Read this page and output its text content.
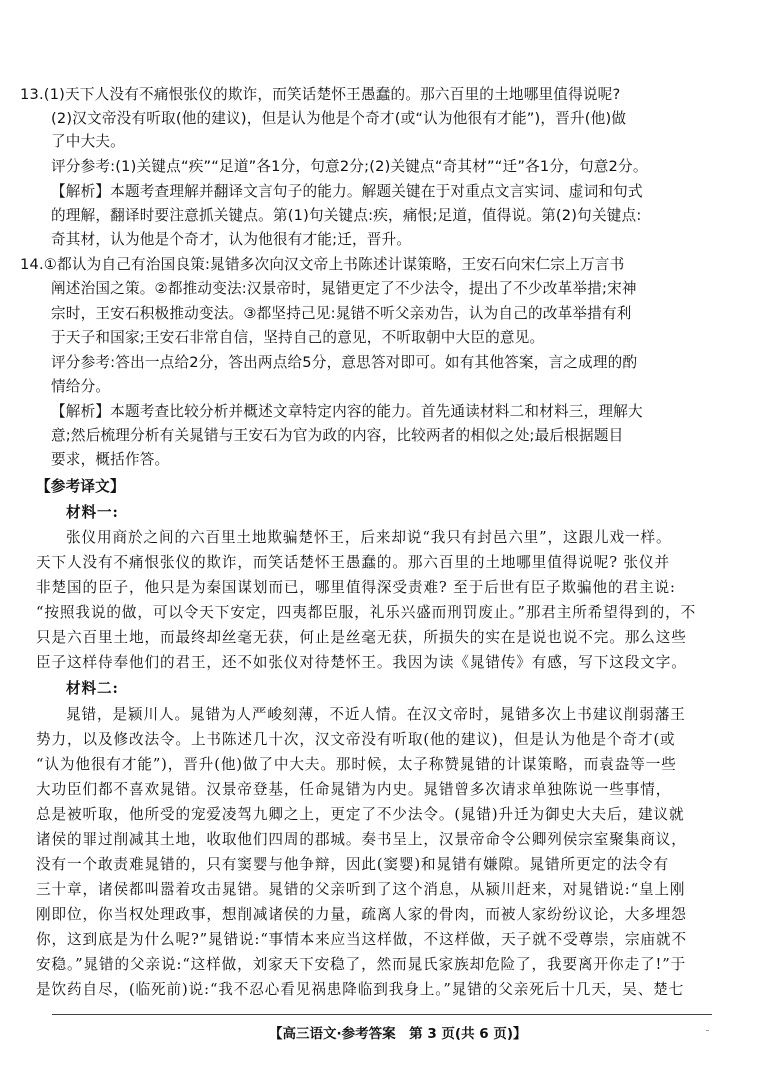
13.(1)天下人没有不痛恨张仪的欺诈，而笑话楚怀王愚蠢的。那六百里的土地哪里值得说呢?
(2)汉文帝没有听取(他的建议)，但是认为他是个奇才(或“认为他很有才能”)，晋升(他)做
了中大夫。
评分参考:(1)关键点“疾”“足道”各1分，句意2分;(2)关键点“奇其材”“迁”各1分，句意2分。
【解析】本题考查理解并翻译文言句子的能力。解题关键在于对重点文言实词、虚词和句式
的理解，翻译时要注意抓关键点。第(1)句关键点:疾，痛恨;足道，值得说。第(2)句关键点:
奇其材，认为他是个奇才，认为他很有才能;迁，晋升。
14.①都认为自己有治国良策:晁错多次向汉文帝上书陈述计谋策略，王安石向宋仁宗上万言书
阐述治国之策。②都推动变法:汉景帝时，晁错更定了不少法令，提出了不少改革举措;宋神
宗时，王安石积极推动变法。③都坚持己见:晁错不听父亲劝告，认为自己的改革举措有利
于天子和国家;王安石非常自信，坚持自己的意见，不听取朝中大臣的意见。
评分参考:答出一点给2分，答出两点给5分，意思答对即可。如有其他答案，言之成理的酌
情给分。
【解析】本题考查比较分析并概述文章特定内容的能力。首先通读材料二和材料三，理解大
意;然后梳理分析有关晁错与王安石为官为政的内容，比较两者的相似之处;最后根据题目
要求，概括作答。
【参考译文】
材料一:
张仪用商於之间的六百里土地欺骗楚怀王，后来却说“我只有封邑六里”，这跟儿戏一样。
天下人没有不痛恨张仪的欺诈，而笑话楚怀王愚蠢的。那六百里的土地哪里值得说呢? 张仪并
非楚国的臣子，他只是为秦国谋划而已，哪里值得深受责难? 至于后世有臣子欺骗他的君主说:
“按照我说的做，可以令天下安定，四夷都臣服，礼乐兴盛而刑罚废止。”那君主所希望得到的，不
只是六百里土地，而最终却丝毫无获，何止是丝毫无获，所损失的实在是说也说不完。那么这些
臣子这样侍奉他们的君王，还不如张仪对待楚怀王。我因为读《晁错传》有感，写下这段文字。
材料二:
晁错，是颍川人。晁错为人严峻刻薄，不近人情。在汉文帝时，晁错多次上书建议削弱藩王
势力，以及修改法令。上书陈述几十次，汉文帝没有听取(他的建议)，但是认为他是个奇才(或
“认为他很有才能”)，晋升(他)做了中大夫。那时候，太子称赞晁错的计谋策略，而袁盎等一些
大功臣们都不喜欢晁错。汉景帝登基，任命晁错为内史。晁错曾多次请求单独陈说一些事情，
总是被听取，他所受的宠爱凌驾九卿之上，更定了不少法令。(晁错)升迁为御史大夫后，建议就
诸侯的罪过削减其土地，收取他们四周的郡城。奏书呈上，汉景帝命令公卿列侯宗室聚集商议，
没有一个敢责难晁错的，只有窦婴与他争辩，因此(窦婴)和晁错有嫌隙。晁错所更定的法令有
三十章，诸侯都叫嚣着攻击晁错。晁错的父亲听到了这个消息，从颍川赶来，对晁错说:“皇上刚
刚即位，你当权处理政事，想削减诸侯的力量，疏离人家的骨肉，而被人家纷纷议论，大多埋怨
你，这到底是为什么呢?”晁错说:“事情本来应当这样做，不这样做，天子就不受尊崇，宗庙就不
安稳。”晁错的父亲说:“这样做，刘家天下安稳了，然而晁氏家族却危险了，我要离开你走了!”于
是饮药自尽，(临死前)说:“我不忍心看见祸患降临到我身上。”晁错的父亲死后十几天，吴、楚七
【高三语文·参考答案　第 3 页(共 6 页)】
